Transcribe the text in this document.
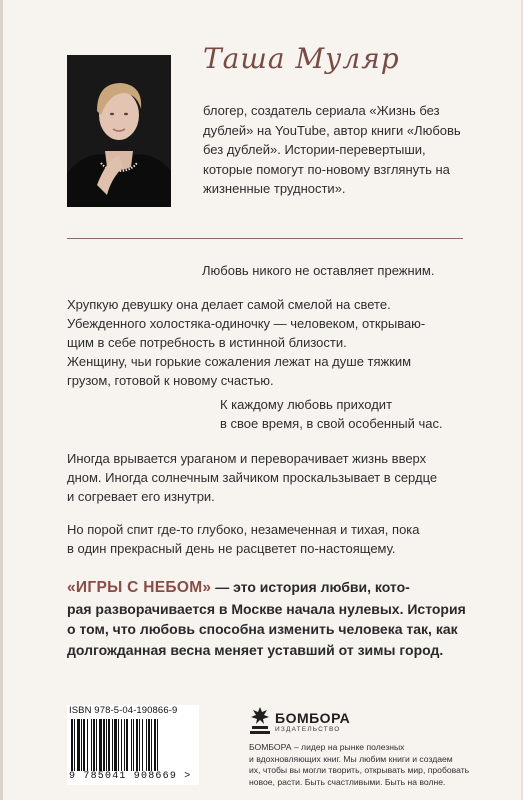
Таша Муляр
блогер, создатель сериала «Жизнь без дублей» на YouTube, автор книги «Любовь без дублей». Истории-перевертыши, которые помогут по-новому взглянуть на жизненные трудности».
Любовь никого не оставляет прежним.
Хрупкую девушку она делает самой смелой на свете.
Убежденного холостяка-одиночку — человеком, открываю-
щим в себе потребность в истинной близости.
Женщину, чьи горькие сожаления лежат на душе тяжким
грузом, готовой к новому счастью.
К каждому любовь приходит
в свое время, в свой особенный час.
Иногда врывается ураганом и переворачивает жизнь вверх
дном. Иногда солнечным зайчиком проскальзывает в сердце
и согревает его изнутри.
Но порой спит где-то глубоко, незамеченная и тихая, пока
в один прекрасный день не расцветет по-настоящему.
«ИГРЫ С НЕБОМ» — это история любви, кото-
рая разворачивается в Москве начала нулевых. История
о том, что любовь способна изменить человека так, как
долгожданная весна меняет уставший от зимы город.
ISBN 978-5-04-190866-9
9 785041 908669 >
БОМБОРА
ИЗДАТЕЛЬСТВО
БОМБОРА – лидер на рынке полезных
и вдохновляющих книг. Мы любим книги и создаем
их, чтобы вы могли творить, открывать мир, пробовать
новое, расти. Быть счастливыми. Быть на волне.
